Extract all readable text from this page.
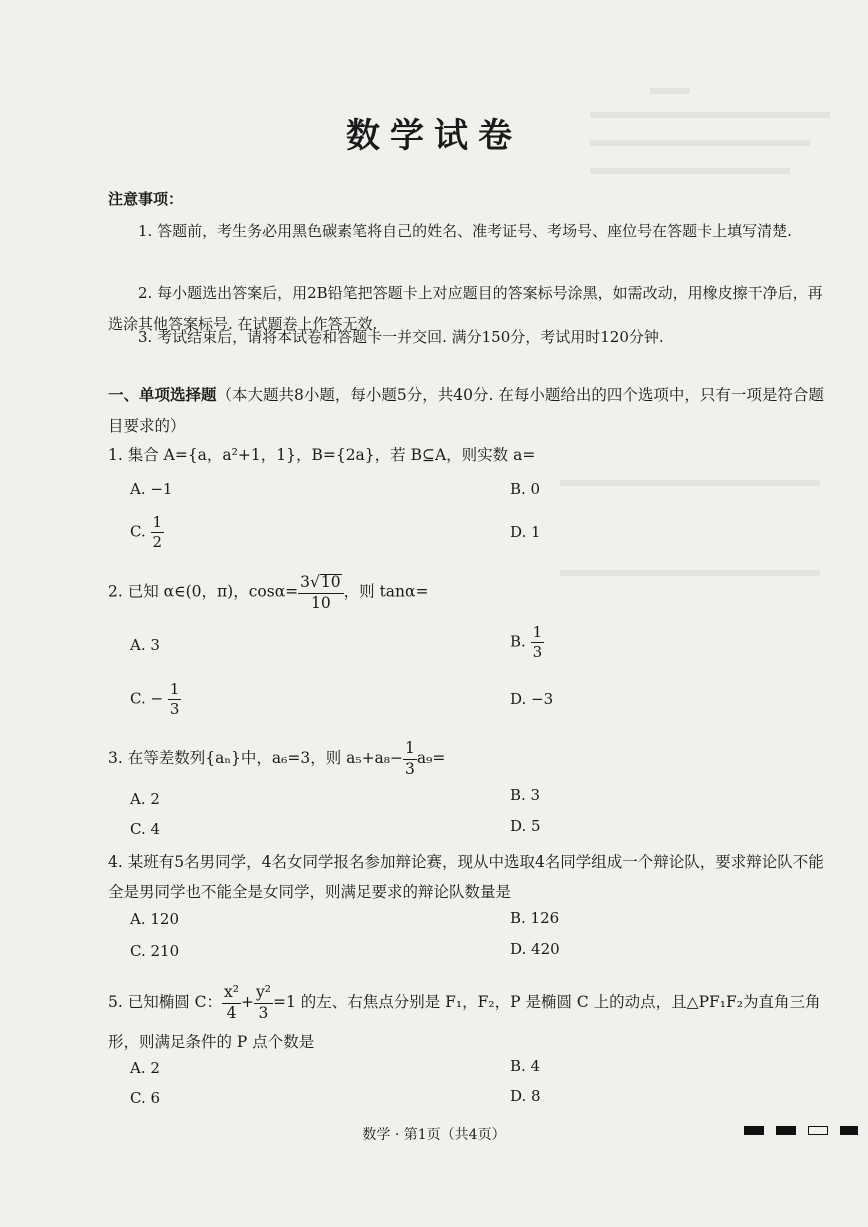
数学试卷
注意事项：
1. 答题前，考生务必用黑色碳素笔将自己的姓名、准考证号、考场号、座位号在答题卡上填写清楚.
2. 每小题选出答案后，用2B铅笔把答题卡上对应题目的答案标号涂黑，如需改动，用橡皮擦干净后，再选涂其他答案标号. 在试题卷上作答无效.
3. 考试结束后，请将本试卷和答题卡一并交回. 满分150分，考试用时120分钟.
一、单项选择题（本大题共8小题，每小题5分，共40分. 在每小题给出的四个选项中，只有一项是符合题目要求的）
1. 集合 A={a，a²+1，1}，B={2a}，若 B⊆A，则实数 a=
A. −1	B. 0
C. $\frac{1}{2}$	D. 1
2. 已知 α∈(0，π)，$\cos\alpha= \frac{3√10}{10}$ ，则 tanα=
A. 3	B. $\frac{1}{3}$
C. − $\frac{1}{3}$	D. −3
3. 在等差数列{aₙ}中，a₆=3，则 $a_5+a_8- \frac{1}{3} a_9=$
A. 2	B. 3
C. 4	D. 5
4. 某班有5名男同学，4名女同学报名参加辩论赛，现从中选取4名同学组成一个辩论队，要求辩论队不能全是男同学也不能全是女同学，则满足要求的辩论队数量是
A. 120	B. 126
C. 210	D. 420
5. 已知椭圆 C： $\frac{\text{x²}}{4} + \frac{\text{y²}}{3} =1$ 的左、右焦点分别是 F₁，F₂，P 是椭圆 C 上的动点，且△PF₁F₂为直角三角形，则满足条件的 P 点个数是
A. 2	B. 4
C. 6	D. 8
数学 · 第1页（共4页）
